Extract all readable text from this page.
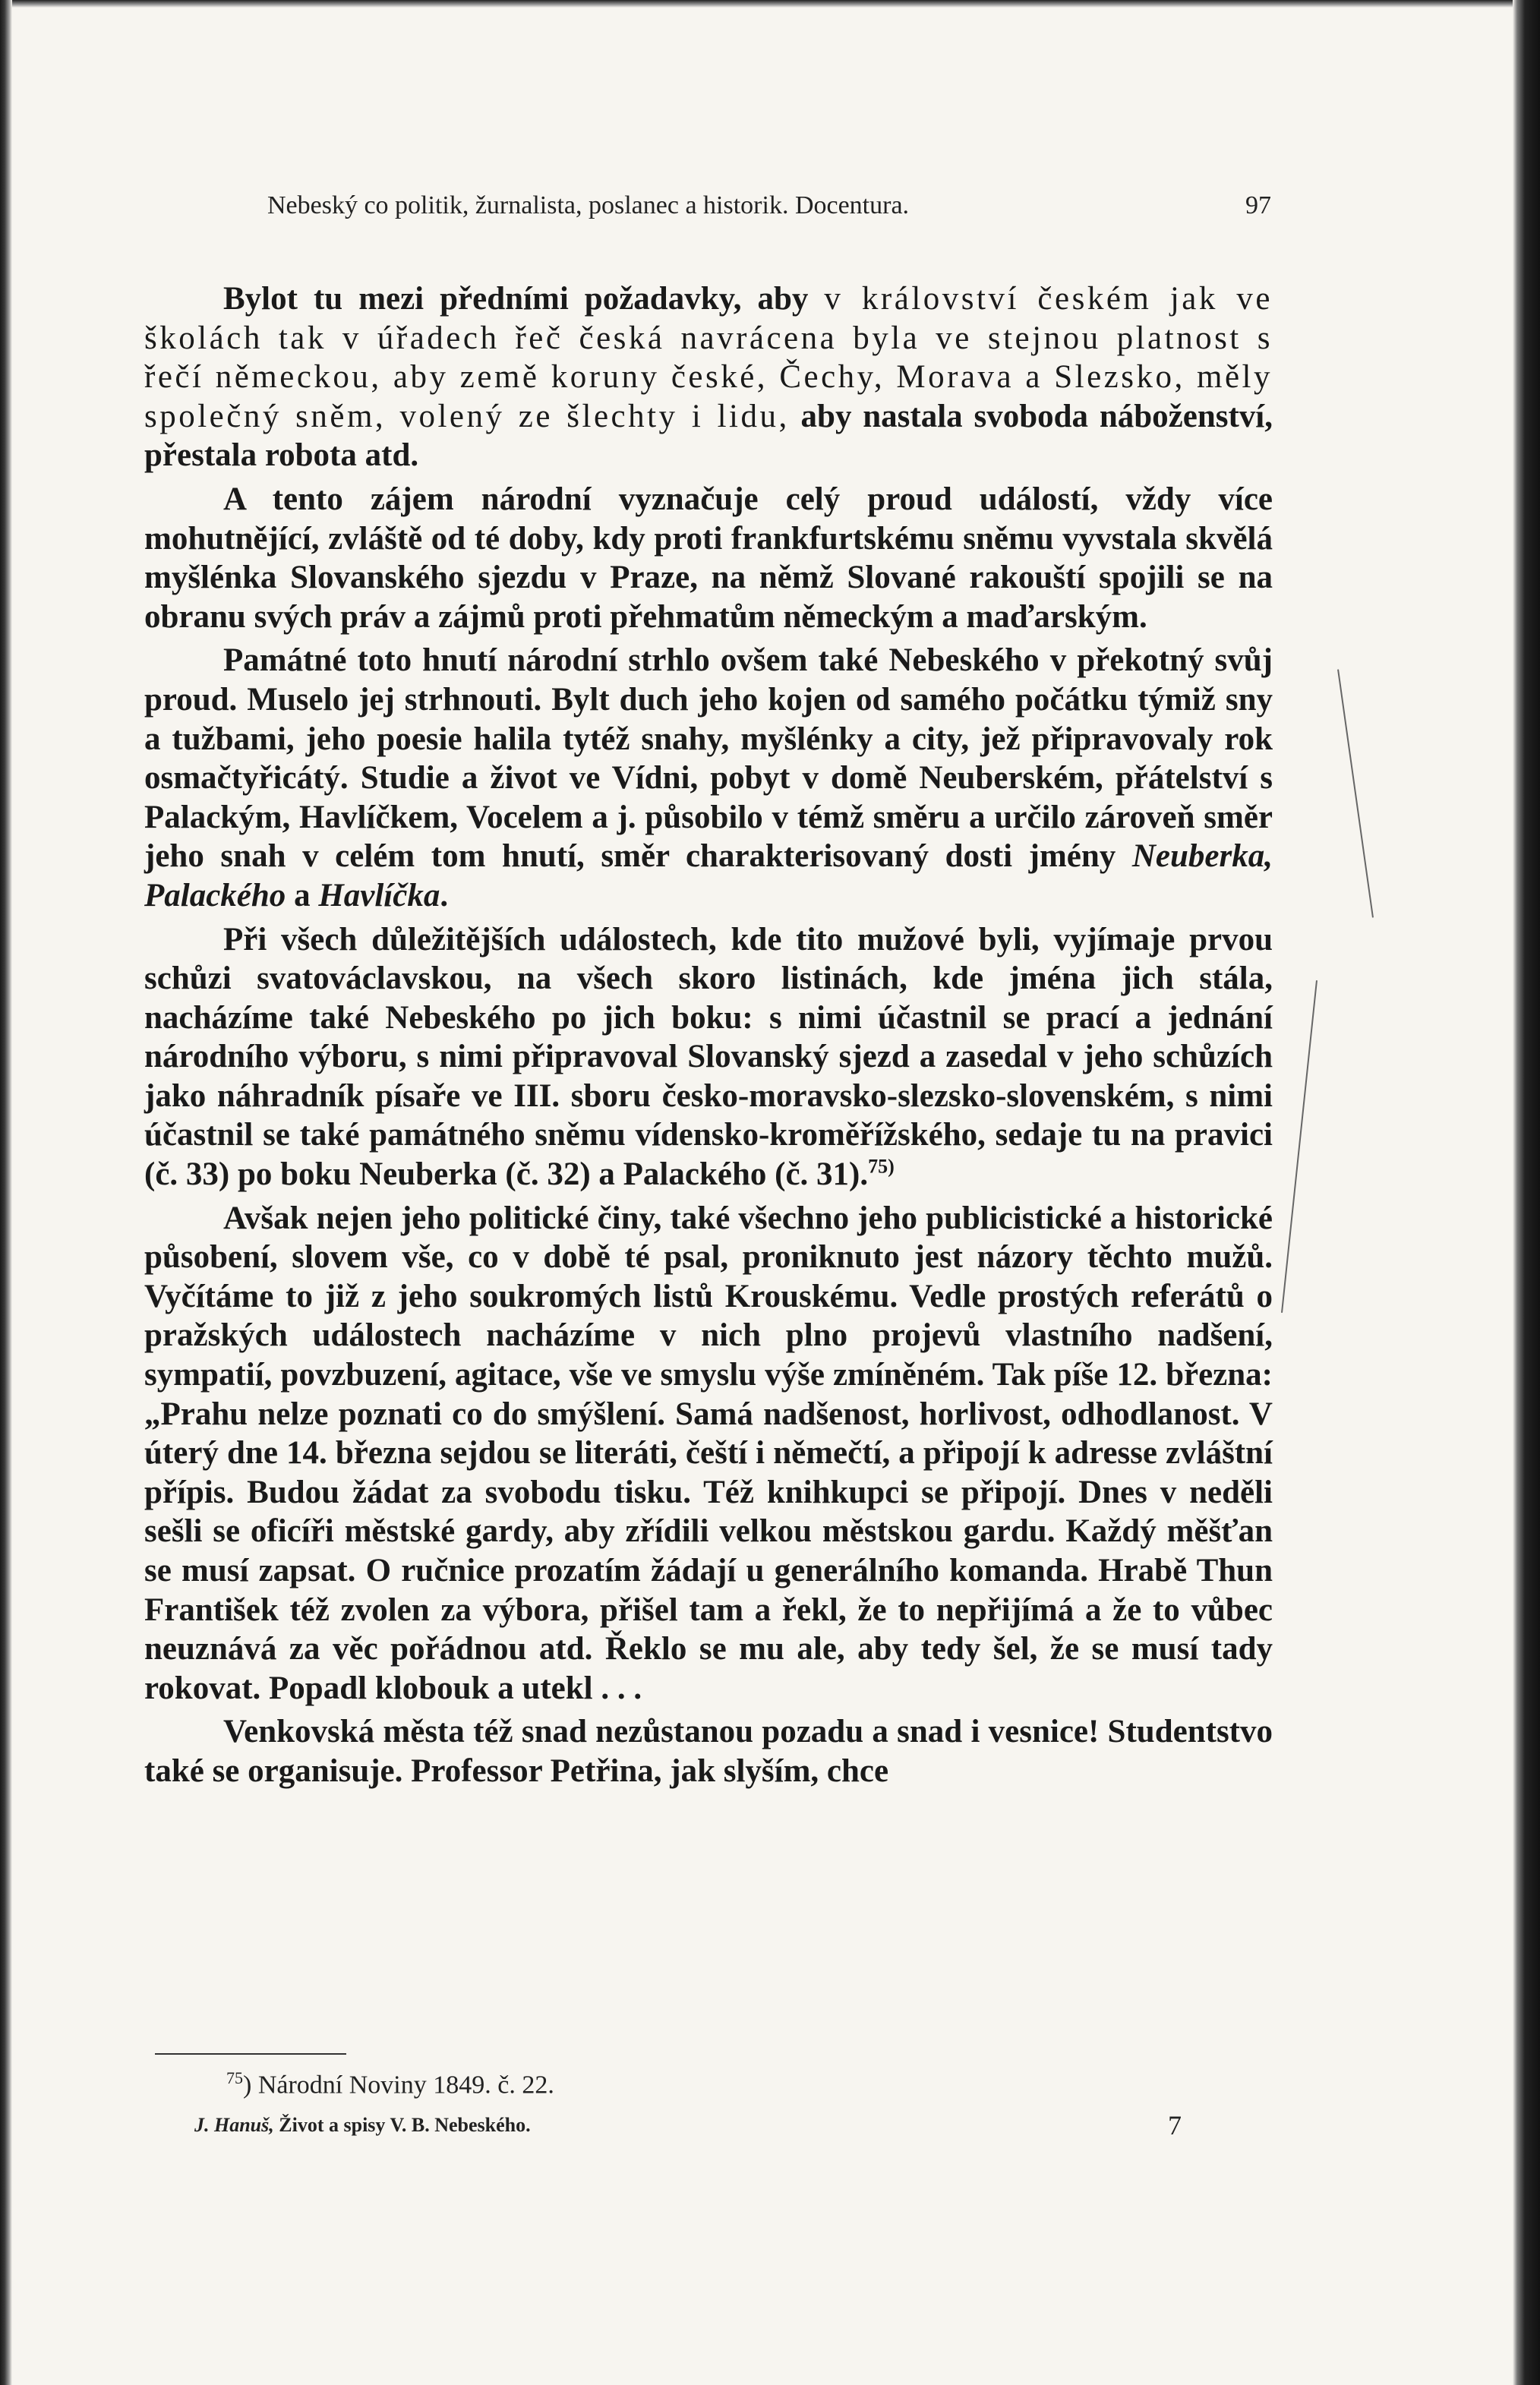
Nebeský co politik, žurnalista, poslanec a historik. Docentura.	97

Bylot tu mezi předními požadavky, aby v království českém jak ve školách tak v úřadech řeč česká navrácena byla ve stejnou platnost s řečí německou, aby země koruny české, Čechy, Morava a Slezsko, měly společný sněm, volený ze šlechty i lidu, aby nastala svoboda náboženství, přestala robota atd.

A tento zájem národní vyznačuje celý proud událostí, vždy více mohutnějící, zvláště od té doby, kdy proti frankfurtskému sněmu vyvstala skvělá myšlénka Slovanského sjezdu v Praze, na němž Slované rakouští spojili se na obranu svých práv a zájmů proti přehmatům německým a maďarským.

Památné toto hnutí národní strhlo ovšem také Nebeského v překotný svůj proud. Muselo jej strhnouti. Bylt duch jeho kojen od samého počátku týmiž sny a tužbami, jeho poesie halila tytéž snahy, myšlénky a city, jež připravovaly rok osmačtyřicátý. Studie a život ve Vídni, pobyt v domě Neuberském, přátelství s Palackým, Havlíčkem, Vocelem a j. působilo v témž směru a určilo zároveň směr jeho snah v celém tom hnutí, směr charakterisovaný dosti jmény Neuberka, Palackého a Havlíčka.

Při všech důležitějších událostech, kde tito mužové byli, vyjímaje prvou schůzi svatováclavskou, na všech skoro listinách, kde jména jich stála, nacházíme také Nebeského po jich boku: s nimi účastnil se prací a jednání národního výboru, s nimi připravoval Slovanský sjezd a zasedal v jeho schůzích jako náhradník písaře ve III. sboru česko-moravsko-slezsko-slovenském, s nimi účastnil se také památného sněmu vídensko-kroměřížského, sedaje tu na pravici (č. 33) po boku Neuberka (č. 32) a Palackého (č. 31).$^{75)}$

Avšak nejen jeho politické činy, také všechno jeho publicistické a historické působení, slovem vše, co v době té psal, proniknuto jest názory těchto mužů. Vyčítáme to již z jeho soukromých listů Krouskému. Vedle prostých referátů o pražských událostech nacházíme v nich plno projevů vlastního nadšení, sympatií, povzbuzení, agitace, vše ve smyslu výše zmíněném. Tak píše 12. března: „Prahu nelze poznati co do smýšlení. Samá nadšenost, horlivost, odhodlanost. V úterý dne 14. března sejdou se literáti, čeští i němečtí, a připojí k adresse zvláštní přípis. Budou žádat za svobodu tisku. Též knihkupci se připojí. Dnes v neděli sešli se oficíři městské gardy, aby zřídili velkou městskou gardu. Každý měšťan se musí zapsat. O ručnice prozatím žádají u generálního komanda. Hrabě Thun František též zvolen za výbora, přišel tam a řekl, že to nepřijímá a že to vůbec neuznává za věc pořádnou atd. Řeklo se mu ale, aby tedy šel, že se musí tady rokovat. Popadl klobouk a utekl . . .

Venkovská města též snad nezůstanou pozadu a snad i vesnice! Studentstvo také se organisuje. Professor Petřina, jak slyším, chce

$^{75}$) Národní Noviny 1849. č. 22.
J. Hanuš, Život a spisy V. B. Nebeského.	7
